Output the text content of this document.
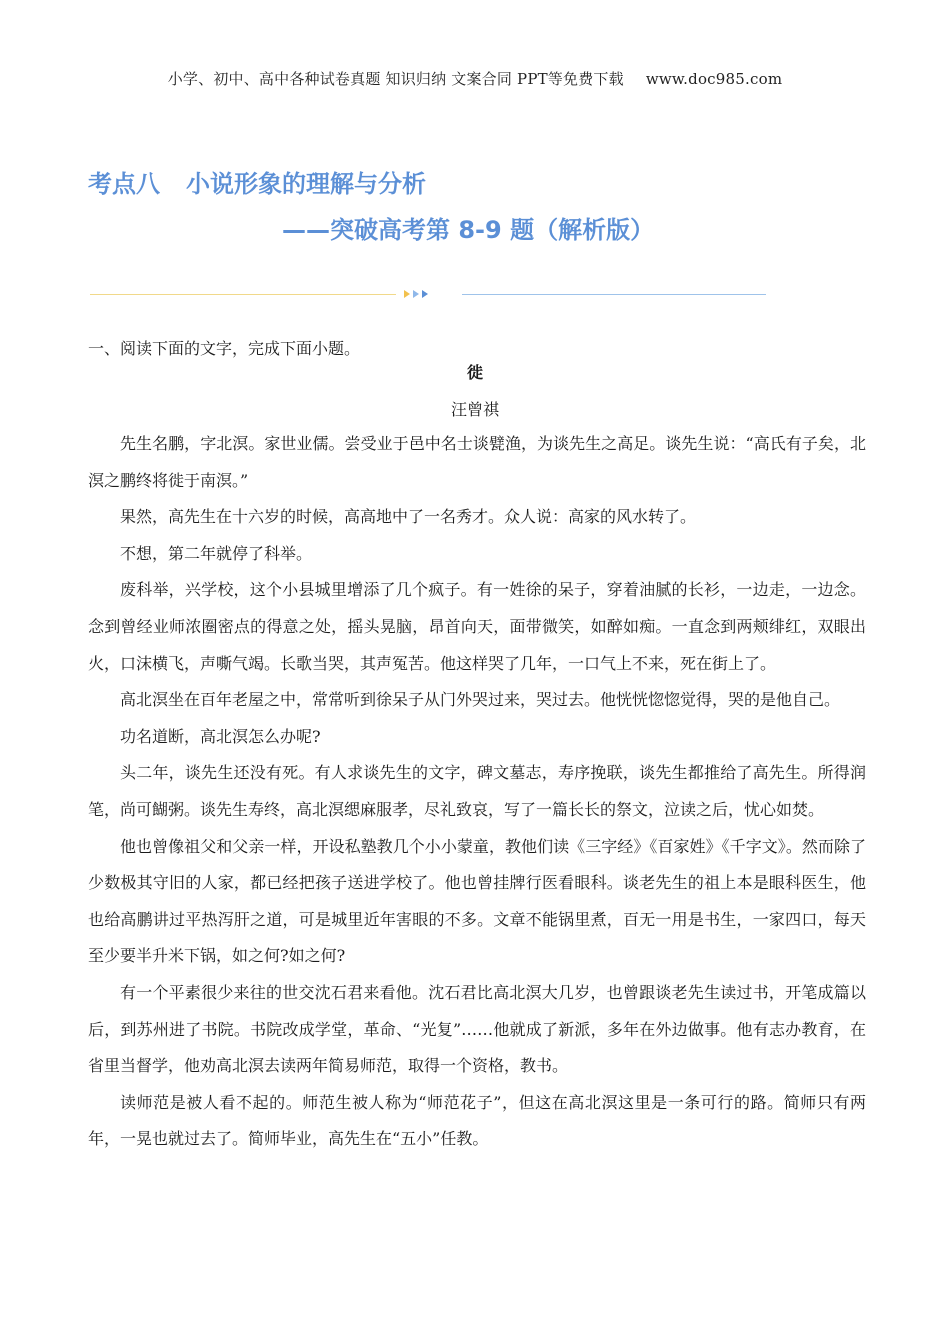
小学、初中、高中各种试卷真题 知识归纳 文案合同 PPT等免费下载 www.doc985.com
考点八 小说形象的理解与分析
——突破高考第 8-9 题（解析版）
一、阅读下面的文字，完成下面小题。
徙
汪曾祺

先生名鹏，字北溟。家世业儒。尝受业于邑中名士谈甓渔，为谈先生之高足。谈先生说：“高氏有子矣，北溟之鹏终将徙于南溟。”

果然，高先生在十六岁的时候，高高地中了一名秀才。众人说：高家的风水转了。

不想，第二年就停了科举。

废科举，兴学校，这个小县城里增添了几个疯子。有一姓徐的呆子，穿着油腻的长衫，一边走，一边念。念到曾经业师浓圈密点的得意之处，摇头晃脑，昂首向天，面带微笑，如醉如痴。一直念到两颊绯红，双眼出火，口沫横飞，声嘶气竭。长歌当哭，其声冤苦。他这样哭了几年，一口气上不来，死在街上了。

高北溟坐在百年老屋之中，常常听到徐呆子从门外哭过来，哭过去。他恍恍惚惚觉得，哭的是他自己。

功名道断，高北溟怎么办呢?

头二年，谈先生还没有死。有人求谈先生的文字，碑文墓志，寿序挽联，谈先生都推给了高先生。所得润笔，尚可餬粥。谈先生寿终，高北溟缌麻服孝，尽礼致哀，写了一篇长长的祭文，泣读之后，忧心如焚。

他也曾像祖父和父亲一样，开设私塾教几个小小蒙童，教他们读《三字经》《百家姓》《千字文》。然而除了少数极其守旧的人家，都已经把孩子送进学校了。他也曾挂牌行医看眼科。谈老先生的祖上本是眼科医生，他也给高鹏讲过平热泻肝之道，可是城里近年害眼的不多。文章不能锅里煮，百无一用是书生，一家四口，每天至少要半升米下锅，如之何?如之何?

有一个平素很少来往的世交沈石君来看他。沈石君比高北溟大几岁，也曾跟谈老先生读过书，开笔成篇以后，到苏州进了书院。书院改成学堂，革命、“光复”……他就成了新派，多年在外边做事。他有志办教育，在省里当督学，他劝高北溟去读两年简易师范，取得一个资格，教书。

读师范是被人看不起的。师范生被人称为“师范花子”，但这在高北溟这里是一条可行的路。简师只有两年，一晃也就过去了。简师毕业，高先生在“五小”任教。
